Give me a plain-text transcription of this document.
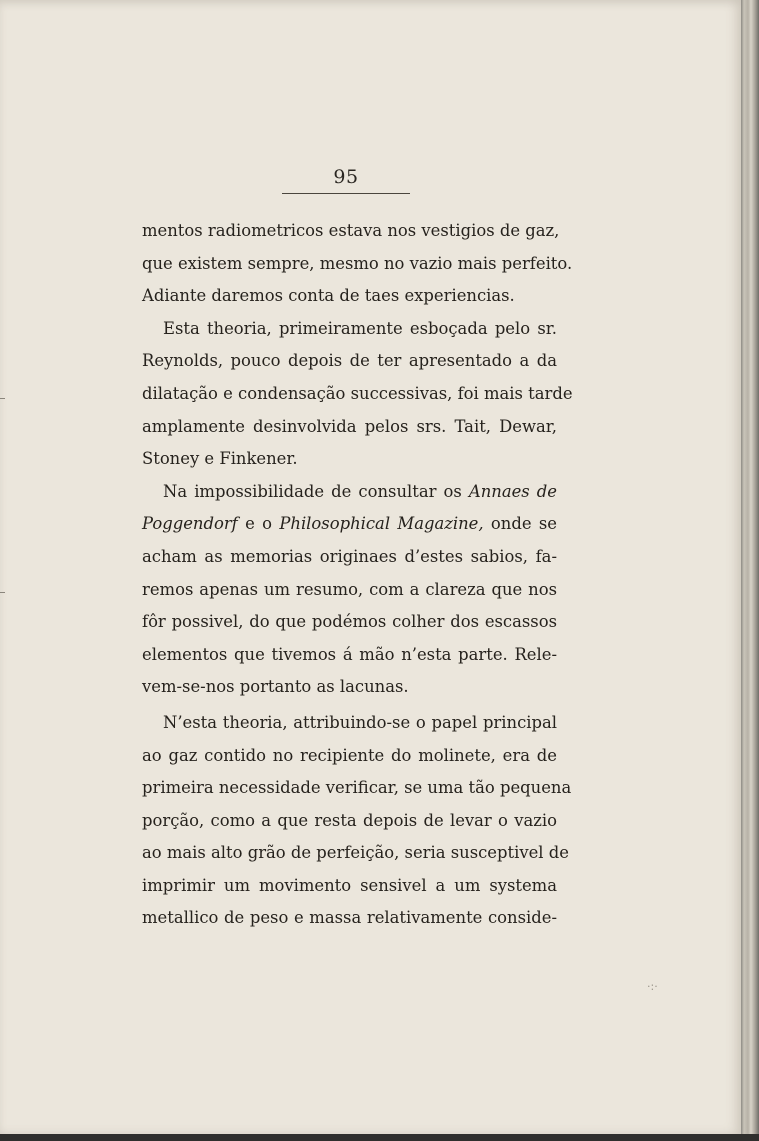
95
mentos radiometricos estava nos vestigios de gaz,
que existem sempre, mesmo no vazio mais perfeito.
Adiante daremos conta de taes experiencias.
Esta theoria, primeiramente esboçada pelo sr.
Reynolds, pouco depois de ter apresentado a da
dilatação e condensação successivas, foi mais tarde
amplamente desinvolvida pelos srs. Tait, Dewar,
Stoney e Finkener.
Na impossibilidade de consultar os Annaes de
Poggendorf e o Philosophical Magazine, onde se
acham as memorias originaes d’estes sabios, fa-
remos apenas um resumo, com a clareza que nos
fôr possivel, do que podémos colher dos escassos
elementos que tivemos á mão n’esta parte. Rele-
vem-se-nos portanto as lacunas.
N’esta theoria, attribuindo-se o papel principal
ao gaz contido no recipiente do molinete, era de
primeira necessidade verificar, se uma tão pequena
porção, como a que resta depois de levar o vazio
ao mais alto grão de perfeição, seria susceptivel de
imprimir um movimento sensivel a um systema
metallico de peso e massa relativamente conside-
·:·
